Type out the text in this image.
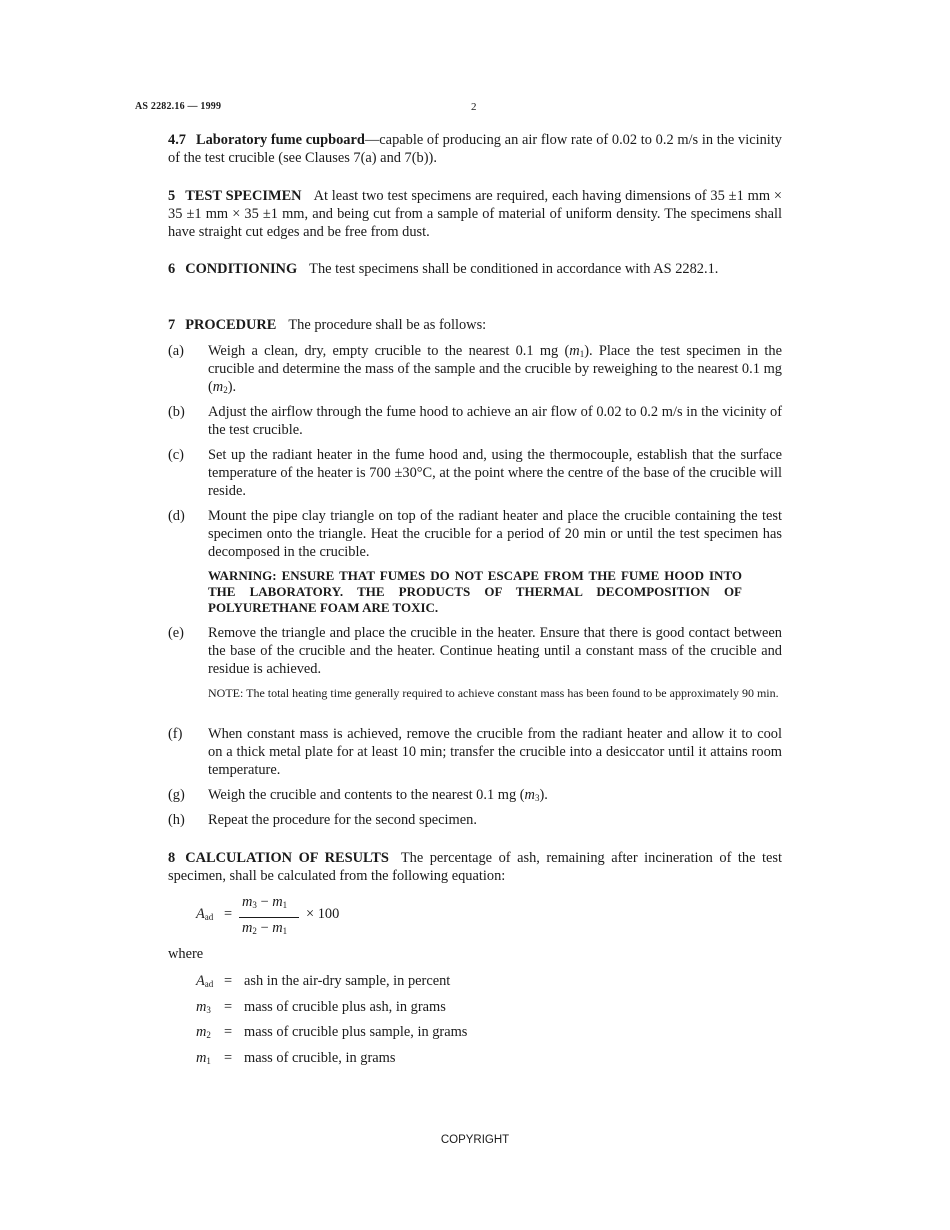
AS 2282.16 — 1999	2
4.7 Laboratory fume cupboard—capable of producing an air flow rate of 0.02 to 0.2 m/s in the vicinity of the test crucible (see Clauses 7(a) and 7(b)).
5 TEST SPECIMEN At least two test specimens are required, each having dimensions of 35 ±1 mm × 35 ±1 mm × 35 ±1 mm, and being cut from a sample of material of uniform density. The specimens shall have straight cut edges and be free from dust.
6 CONDITIONING The test specimens shall be conditioned in accordance with AS 2282.1.
7 PROCEDURE The procedure shall be as follows:
(a)	Weigh a clean, dry, empty crucible to the nearest 0.1 mg $(m_1)$. Place the test specimen in the crucible and determine the mass of the sample and the crucible by reweighing to the nearest 0.1 mg $(m_2)$.
(b)	Adjust the airflow through the fume hood to achieve an air flow of 0.02 to 0.2 m/s in the vicinity of the test crucible.
(c)	Set up the radiant heater in the fume hood and, using the thermocouple, establish that the surface temperature of the heater is 700 ±30°C, at the point where the centre of the base of the crucible will reside.
(d)	Mount the pipe clay triangle on top of the radiant heater and place the crucible containing the test specimen onto the triangle. Heat the crucible for a period of 20 min or until the test specimen has decomposed in the crucible.
WARNING: ENSURE THAT FUMES DO NOT ESCAPE FROM THE FUME HOOD INTO THE LABORATORY. THE PRODUCTS OF THERMAL DECOMPOSITION OF POLYURETHANE FOAM ARE TOXIC.
(e)	Remove the triangle and place the crucible in the heater. Ensure that there is good contact between the base of the crucible and the heater. Continue heating until a constant mass of the crucible and residue is achieved.
NOTE: The total heating time generally required to achieve constant mass has been found to be approximately 90 min.
(f)	When constant mass is achieved, remove the crucible from the radiant heater and allow it to cool on a thick metal plate for at least 10 min; transfer the crucible into a desiccator until it attains room temperature.
(g)	Weigh the crucible and contents to the nearest 0.1 mg $(m_3)$.
(h)	Repeat the procedure for the second specimen.
8 CALCULATION OF RESULTS The percentage of ash, remaining after incineration of the test specimen, shall be calculated from the following equation:
$A_{ad}$ =
$m_3 - m_1$
$m_2 - m_1$
× 100
where
$A_{ad}$ = ash in the air-dry sample, in percent
$m_3$ = mass of crucible plus ash, in grams
$m_2$ = mass of crucible plus sample, in grams
$m_1$ = mass of crucible, in grams
COPYRIGHT
